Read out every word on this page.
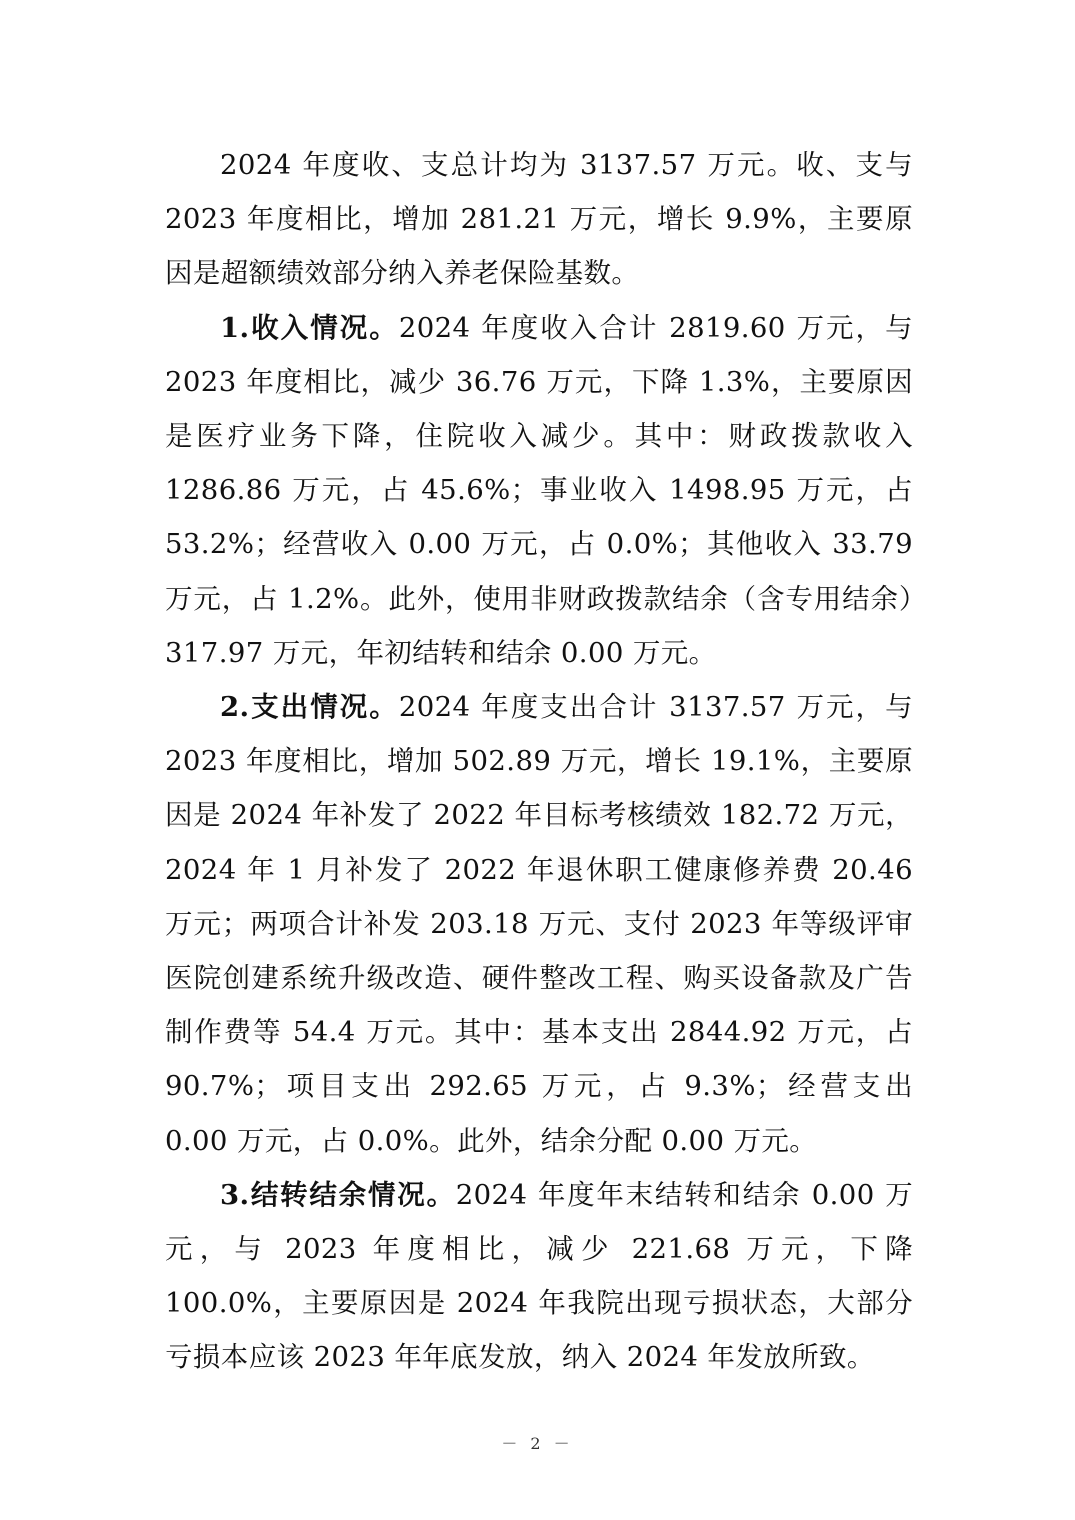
2024 年度收、支总计均为 3137.57 万元。收、支与 2023 年度相比，增加 281.21 万元，增长 9.9%，主要原因是超额绩效部分纳入养老保险基数。

1.收入情况。2024 年度收入合计 2819.60 万元，与 2023 年度相比，减少 36.76 万元，下降 1.3%，主要原因是医疗业务下降，住院收入减少。其中：财政拨款收入 1286.86 万元，占 45.6%；事业收入 1498.95 万元，占 53.2%；经营收入 0.00 万元，占 0.0%；其他收入 33.79 万元，占 1.2%。此外，使用非财政拨款结余（含专用结余）317.97 万元，年初结转和结余 0.00 万元。

2.支出情况。2024 年度支出合计 3137.57 万元，与 2023 年度相比，增加 502.89 万元，增长 19.1%，主要原因是 2024 年补发了 2022 年目标考核绩效 182.72 万元，2024 年 1 月补发了 2022 年退休职工健康修养费 20.46 万元；两项合计补发 203.18 万元、支付 2023 年等级评审医院创建系统升级改造、硬件整改工程、购买设备款及广告制作费等 54.4 万元。其中：基本支出 2844.92 万元，占 90.7%；项目支出 292.65 万元，占 9.3%；经营支出 0.00 万元，占 0.0%。此外，结余分配 0.00 万元。

3.结转结余情况。2024 年度年末结转和结余 0.00 万元，与 2023 年度相比，减少 221.68 万元，下降 100.0%，主要原因是 2024 年我院出现亏损状态，大部分亏损本应该 2023 年年底发放，纳入 2024 年发放所致。

－ 2 －
